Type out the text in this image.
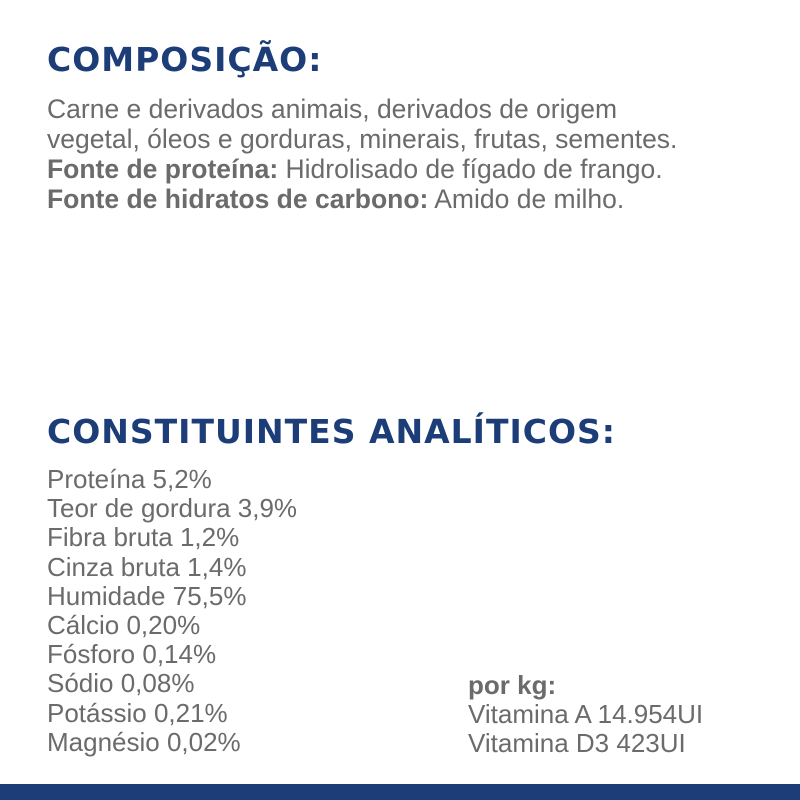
COMPOSIÇÃO:

Carne e derivados animais, derivados de origem
vegetal, óleos e gorduras, minerais, frutas, sementes.
Fonte de proteína: Hidrolisado de fígado de frango.
Fonte de hidratos de carbono: Amido de milho.

CONSTITUINTES ANALÍTICOS:
Proteína 5,2%
Teor de gordura 3,9%
Fibra bruta 1,2%
Cinza bruta 1,4%
Humidade 75,5%
Cálcio 0,20%
Fósforo 0,14%
Sódio 0,08%
Potássio 0,21%
Magnésio 0,02%
por kg:
Vitamina A 14.954UI
Vitamina D3 423UI
